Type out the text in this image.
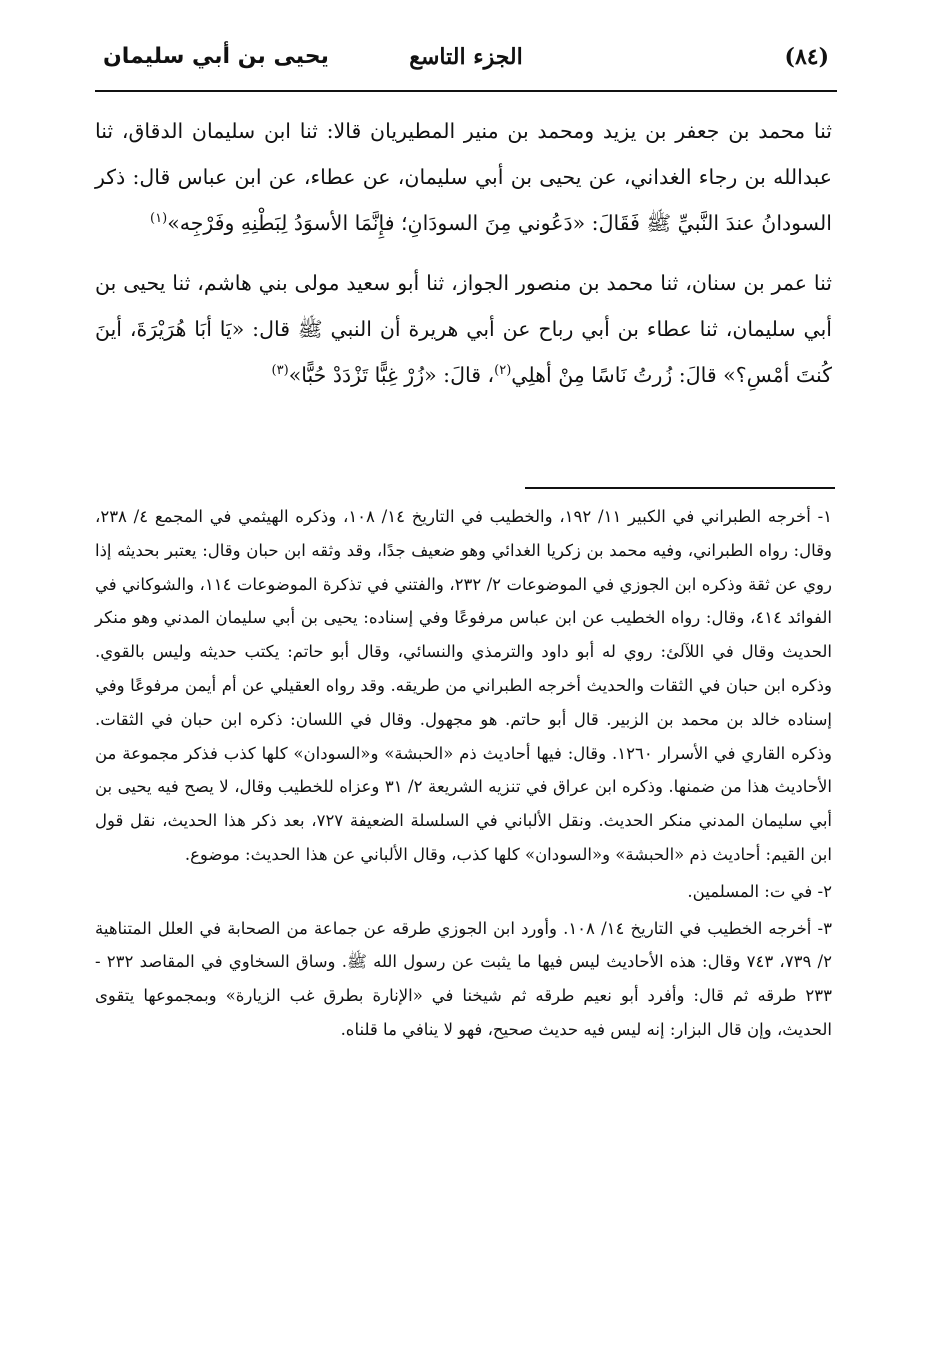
(٨٤)
الجزء التاسع
يحيى بن أبي سليمان

ثنا محمد بن جعفر بن يزيد ومحمد بن منير المطيريان قالا: ثنا ابن سليمان الدقاق، ثنا عبدالله بن رجاء الغداني، عن يحيى بن أبي سليمان، عن عطاء، عن ابن عباس قال: ذكر السودانُ عندَ النَّبيِّ ﷺ فَقَالَ: «دَعُوني مِنَ السودَانِ؛ فإِنَّمَا الأسوَدُ لِبَطْنِهِ وفَرْجِه»$^{(١)}$

ثنا عمر بن سنان، ثنا محمد بن منصور الجواز، ثنا أبو سعيد مولى بني هاشم، ثنا يحيى بن أبي سليمان، ثنا عطاء بن أبي رباح عن أبي هريرة أن النبي ﷺ قال: «يَا أبَا هُرَيْرَةَ، أينَ كُنتَ أمْسِ؟» قالَ: زُرتُ نَاسًا مِنْ أهلِي$^{(٢)}$، قالَ: «زُرْ غِبًّا تَزْدَدْ حُبًّا»$^{(٣)}$

١- أخرجه الطبراني في الكبير ١١/ ١٩٢، والخطيب في التاريخ ١٤/ ١٠٨، وذكره الهيثمي في المجمع ٤/ ٢٣٨، وقال: رواه الطبراني، وفيه محمد بن زكريا الغدائي وهو ضعيف جدًا، وقد وثقه ابن حبان وقال: يعتبر بحديثه إذا روي عن ثقة وذكره ابن الجوزي في الموضوعات ٢/ ٢٣٢، والفتني في تذكرة الموضوعات ١١٤، والشوكاني في الفوائد ٤١٤، وقال: رواه الخطيب عن ابن عباس مرفوعًا وفي إسناده: يحيى بن أبي سليمان المدني وهو منكر الحديث وقال في اللآلئ: روي له أبو داود والترمذي والنسائي، وقال أبو حاتم: يكتب حديثه وليس بالقوي. وذكره ابن حبان في الثقات والحديث أخرجه الطبراني من طريقه. وقد رواه العقيلي عن أم أيمن مرفوعًا وفي إسناده خالد بن محمد بن الزبير. قال أبو حاتم. هو مجهول. وقال في اللسان: ذكره ابن حبان في الثقات. وذكره القاري في الأسرار ١٢٦٠. وقال: فيها أحاديث ذم «الحبشة» و«السودان» كلها كذب فذكر مجموعة من الأحاديث هذا من ضمنها. وذكره ابن عراق في تنزيه الشريعة ٢/ ٣١ وعزاه للخطيب وقال، لا يصح فيه يحيى بن أبي سليمان المدني منكر الحديث. ونقل الألباني في السلسلة الضعيفة ٧٢٧، بعد ذكر هذا الحديث، نقل قول ابن القيم: أحاديث ذم «الحبشة» و«السودان» كلها كذب، وقال الألباني عن هذا الحديث: موضوع.

٢- في ت: المسلمين.

٣- أخرجه الخطيب في التاريخ ١٤/ ١٠٨. وأورد ابن الجوزي طرقه عن جماعة من الصحابة في العلل المتناهية ٢/ ٧٣٩، ٧٤٣ وقال: هذه الأحاديث ليس فيها ما يثبت عن رسول الله ﷺ. وساق السخاوي في المقاصد ٢٣٢ - ٢٣٣ طرقه ثم قال: وأفرد أبو نعيم طرقه ثم شيخنا في «الإنارة بطرق غب الزيارة» وبمجموعها يتقوى الحديث، وإن قال البزار: إنه ليس فيه حديث صحيح، فهو لا ينافي ما قلناه.
